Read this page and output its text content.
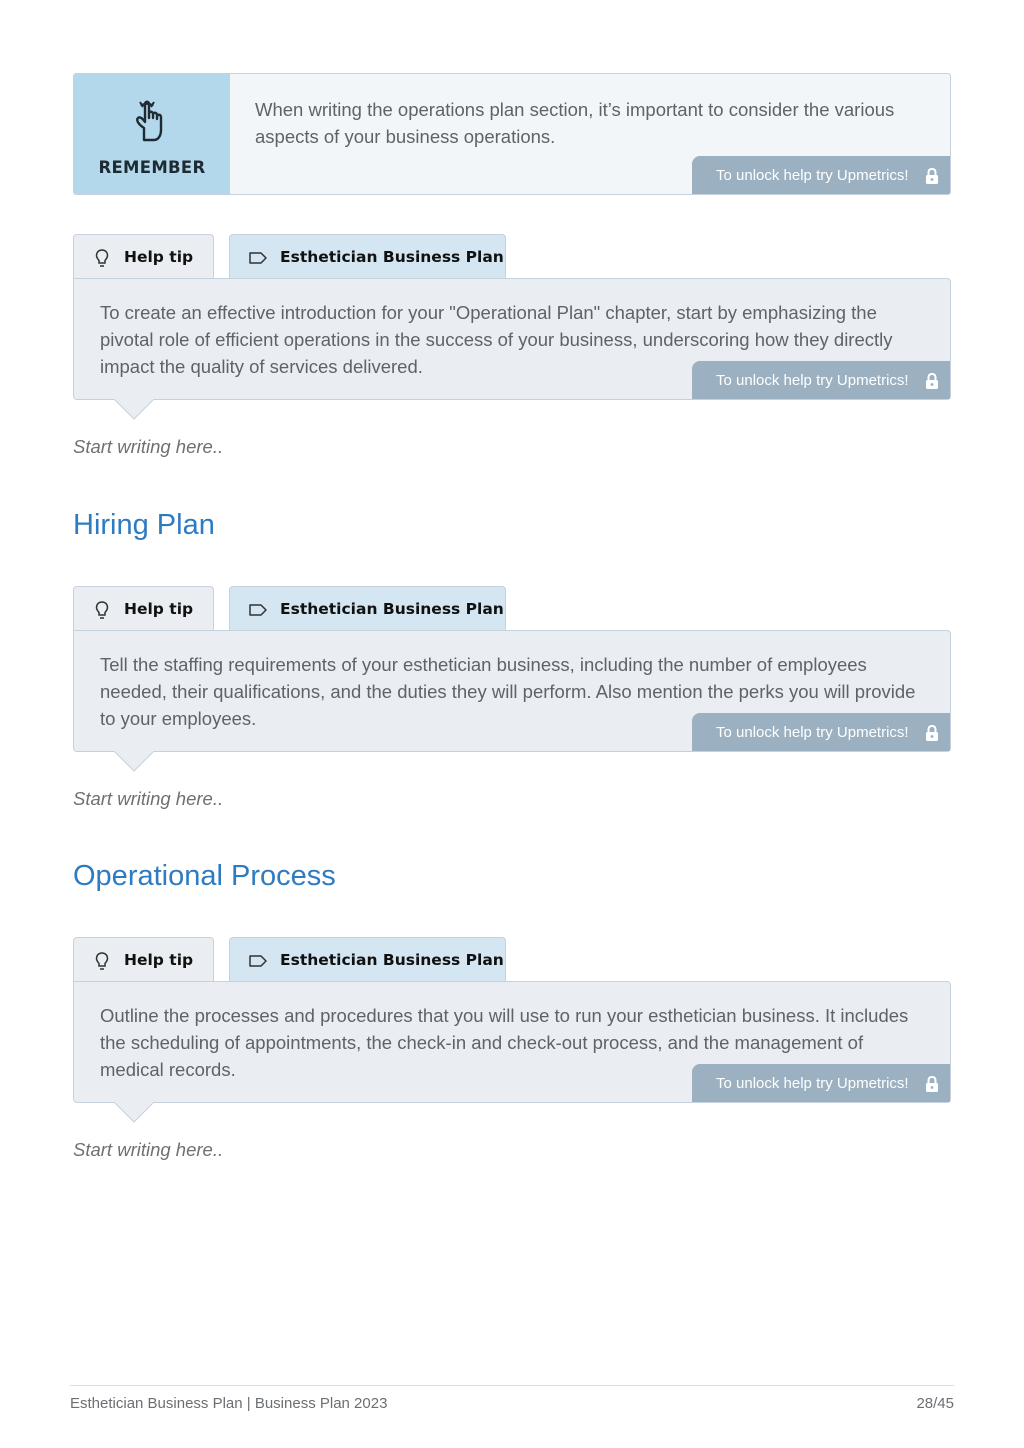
REMEMBER
When writing the operations plan section, it’s important to consider the various aspects of your business operations.
To unlock help try Upmetrics!
Help tip	Esthetician Business Plan
To create an effective introduction for your "Operational Plan" chapter, start by emphasizing the pivotal role of efficient operations in the success of your business, underscoring how they directly impact the quality of services delivered.
To unlock help try Upmetrics!
Start writing here..
Hiring Plan
Help tip	Esthetician Business Plan
Tell the staffing requirements of your esthetician business, including the number of employees needed, their qualifications, and the duties they will perform. Also mention the perks you will provide to your employees.
To unlock help try Upmetrics!
Start writing here..
Operational Process
Help tip	Esthetician Business Plan
Outline the processes and procedures that you will use to run your esthetician business. It includes the scheduling of appointments, the check-in and check-out process, and the management of medical records.
To unlock help try Upmetrics!
Start writing here..
Esthetician Business Plan | Business Plan 2023	28/45
